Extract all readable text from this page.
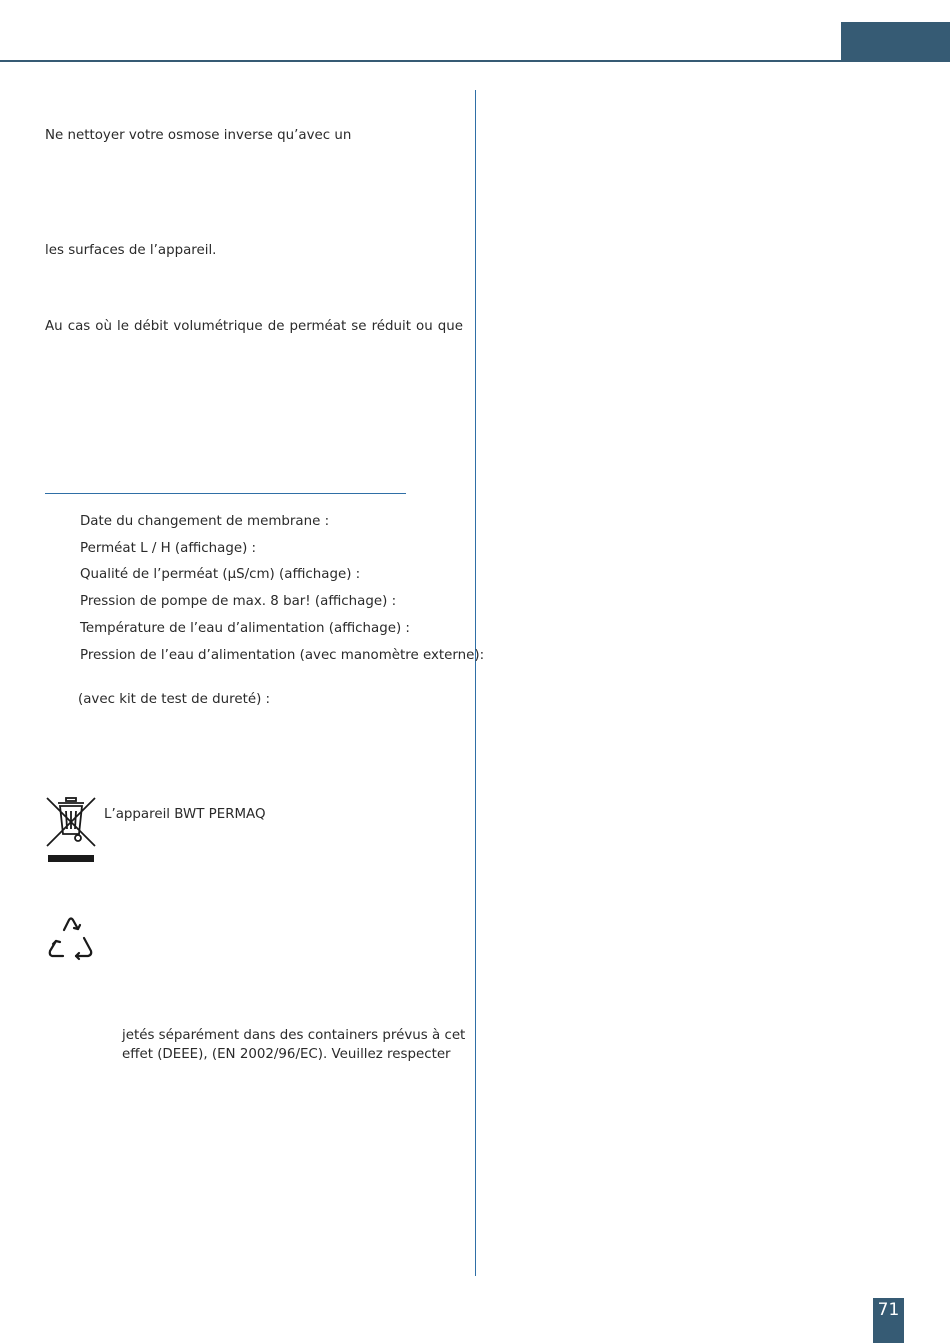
Ne nettoyer votre osmose inverse qu’avec un
les surfaces de l’appareil.
Au cas où le débit volumétrique de perméat se réduit ou que
Date du changement de membrane :
Perméat L / H (affichage) :
Qualité de l’perméat (µS/cm) (affichage) :
Pression de pompe de max. 8 bar! (affichage) :
Température de l’eau d’alimentation (affichage) :
Pression de l’eau d’alimentation (avec manomètre externe):
(avec kit de test de dureté) :
L’appareil BWT PERMAQ
jetés séparément dans des containers prévus à cet
effet (DEEE), (EN 2002/96/EC). Veuillez respecter
71
